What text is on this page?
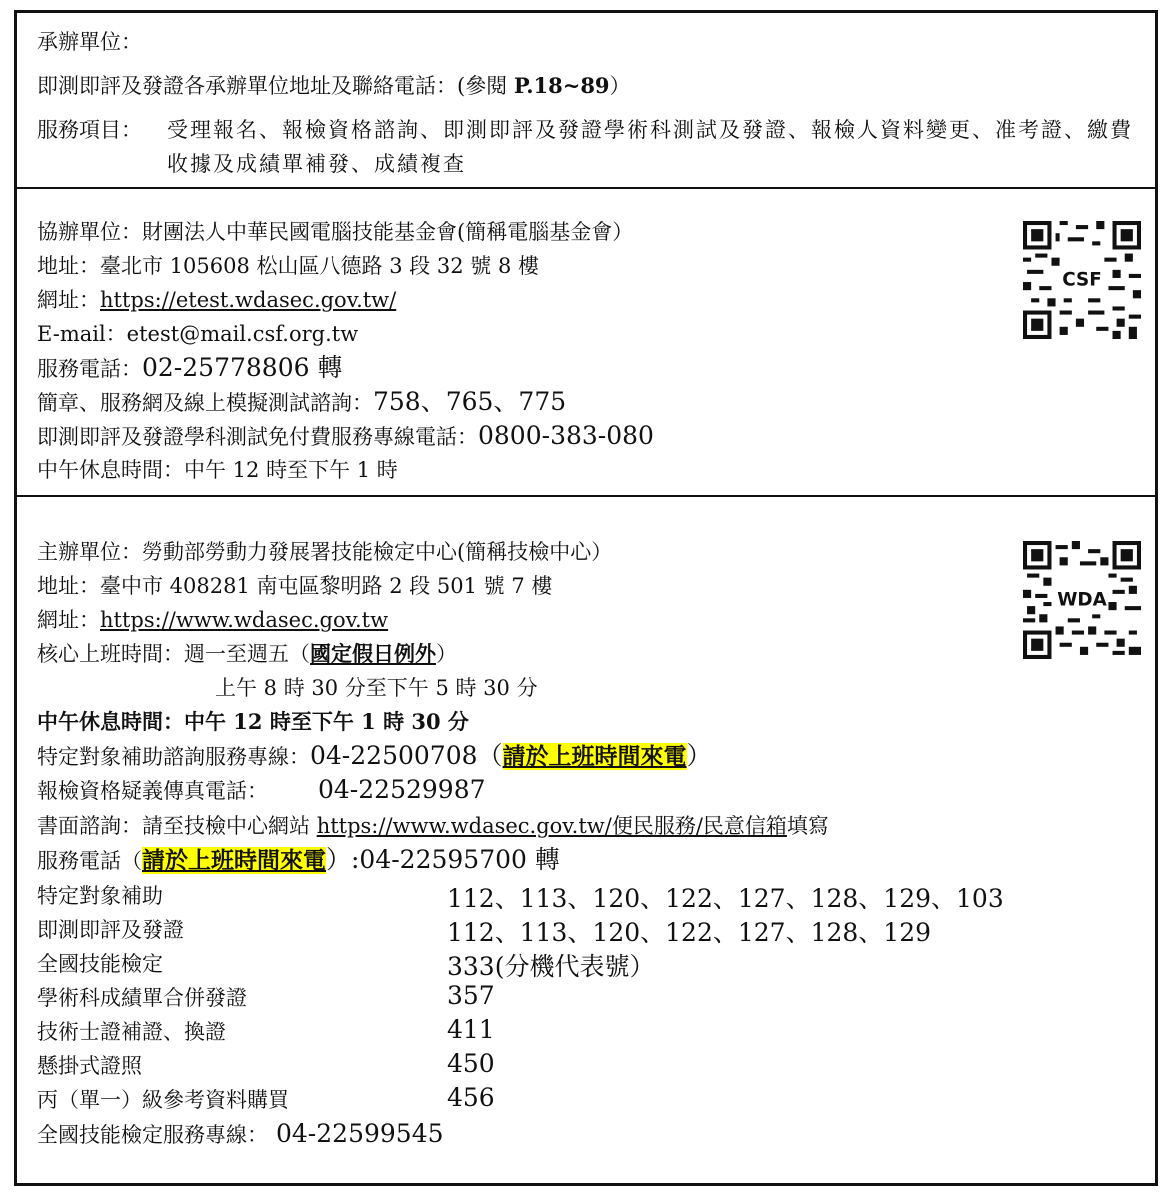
承辦單位：
即測即評及發證各承辦單位地址及聯絡電話：(參閱 P.18~89）
服務項目：	受理報名、報檢資格諮詢、即測即評及發證學術科測試及發證、報檢人資料變更、准考證、繳費收據及成績單補發、成績複查
協辦單位：財團法人中華民國電腦技能基金會(簡稱電腦基金會）
地址：臺北市 105608 松山區八德路 3 段 32 號 8 樓
網址：https://etest.wdasec.gov.tw/
E-mail：etest@mail.csf.org.tw
服務電話：02-25778806 轉
簡章、服務網及線上模擬測試諮詢：758、765、775
即測即評及發證學科測試免付費服務專線電話：0800-383-080
中午休息時間：中午 12 時至下午 1 時
CSF
主辦單位：勞動部勞動力發展署技能檢定中心(簡稱技檢中心）
地址：臺中市 408281 南屯區黎明路 2 段 501 號 7 樓
網址：https://www.wdasec.gov.tw
核心上班時間：週一至週五（國定假日例外）
上午 8 時 30 分至下午 5 時 30 分
中午休息時間：中午 12 時至下午 1 時 30 分
特定對象補助諮詢服務專線：04-22500708（請於上班時間來電）
報檢資格疑義傳真電話： 04-22529987
書面諮詢：請至技檢中心網站 https://www.wdasec.gov.tw/便民服務/民意信箱填寫
服務電話（請於上班時間來電）:04-22595700 轉
特定對象補助	112、113、120、122、127、128、129、103
即測即評及發證	112、113、120、122、127、128、129
全國技能檢定	333(分機代表號）
學術科成績單合併發證	357
技術士證補證、換證	411
懸掛式證照	450
丙（單一）級參考資料購買	456
全國技能檢定服務專線： 04-22599545
WDA
